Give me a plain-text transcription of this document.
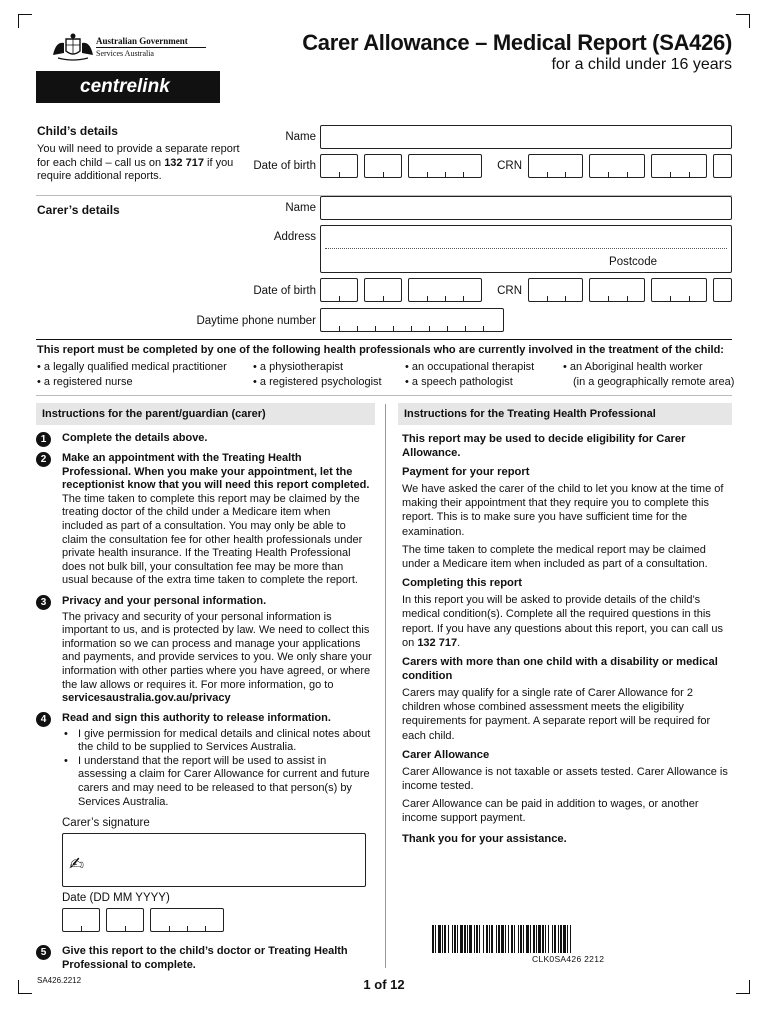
Australian Government
Services Australia
centrelink
Carer Allowance – Medical Report (SA426)
for a child under 16 years
Child’s details
You will need to provide a separate report for each child – call us on 132 717 if you require additional reports.
Name
Date of birth	CRN
Carer’s details	Name
Address
Postcode
Date of birth	CRN
Daytime phone number
This report must be completed by one of the following health professionals who are currently involved in the treatment of the child:
• a legally qualified medical practitioner
• a registered nurse
• a physiotherapist
• a registered psychologist
• an occupational therapist
• a speech pathologist
• an Aboriginal health worker
(in a geographically remote area)
Instructions for the parent/guardian (carer)
1	Complete the details above.
2	Make an appointment with the Treating Health Professional. When you make your appointment, let the receptionist know that you will need this report completed.
The time taken to complete this report may be claimed by the treating doctor of the child under a Medicare item when included as part of a consultation. You may only be able to claim the consultation fee for other health professionals under private health insurance. If the Treating Health Professional does not bulk bill, your consultation fee may be more than usual because of the extra time taken to complete the report.
3	Privacy and your personal information.
The privacy and security of your personal information is important to us, and is protected by law. We need to collect this information so we can process and manage your applications and payments, and provide services to you. We only share your information with other parties where you have agreed, or where the law allows or requires it. For more information, go to
servicesaustralia.gov.au/privacy
4	Read and sign this authority to release information.
• I give permission for medical details and clinical notes about the child to be supplied to Services Australia.
• I understand that the report will be used to assist in assessing a claim for Carer Allowance for current and future carers and may need to be released to that person(s) by Services Australia.
Carer’s signature
✍
Date (DD MM YYYY)
5	Give this report to the child’s doctor or Treating Health Professional to complete.
Instructions for the Treating Health Professional
This report may be used to decide eligibility for Carer Allowance.
Payment for your report
We have asked the carer of the child to let you know at the time of making their appointment that they require you to complete this report. This is to make sure you have sufficient time for the examination.
The time taken to complete the medical report may be claimed under a Medicare item when included as part of a consultation.
Completing this report
In this report you will be asked to provide details of the child’s medical condition(s). Complete all the required questions in this report. If you have any questions about this report, you can call us on 132 717.
Carers with more than one child with a disability or medical condition
Carers may qualify for a single rate of Carer Allowance for 2 children whose combined assessment meets the eligibility requirements for payment. A separate report will be required for each child.
Carer Allowance
Carer Allowance is not taxable or assets tested. Carer Allowance is income tested.
Carer Allowance can be paid in addition to wages, or another income support payment.
Thank you for your assistance.
CLK0SA426 2212
SA426.2212	1 of 12
